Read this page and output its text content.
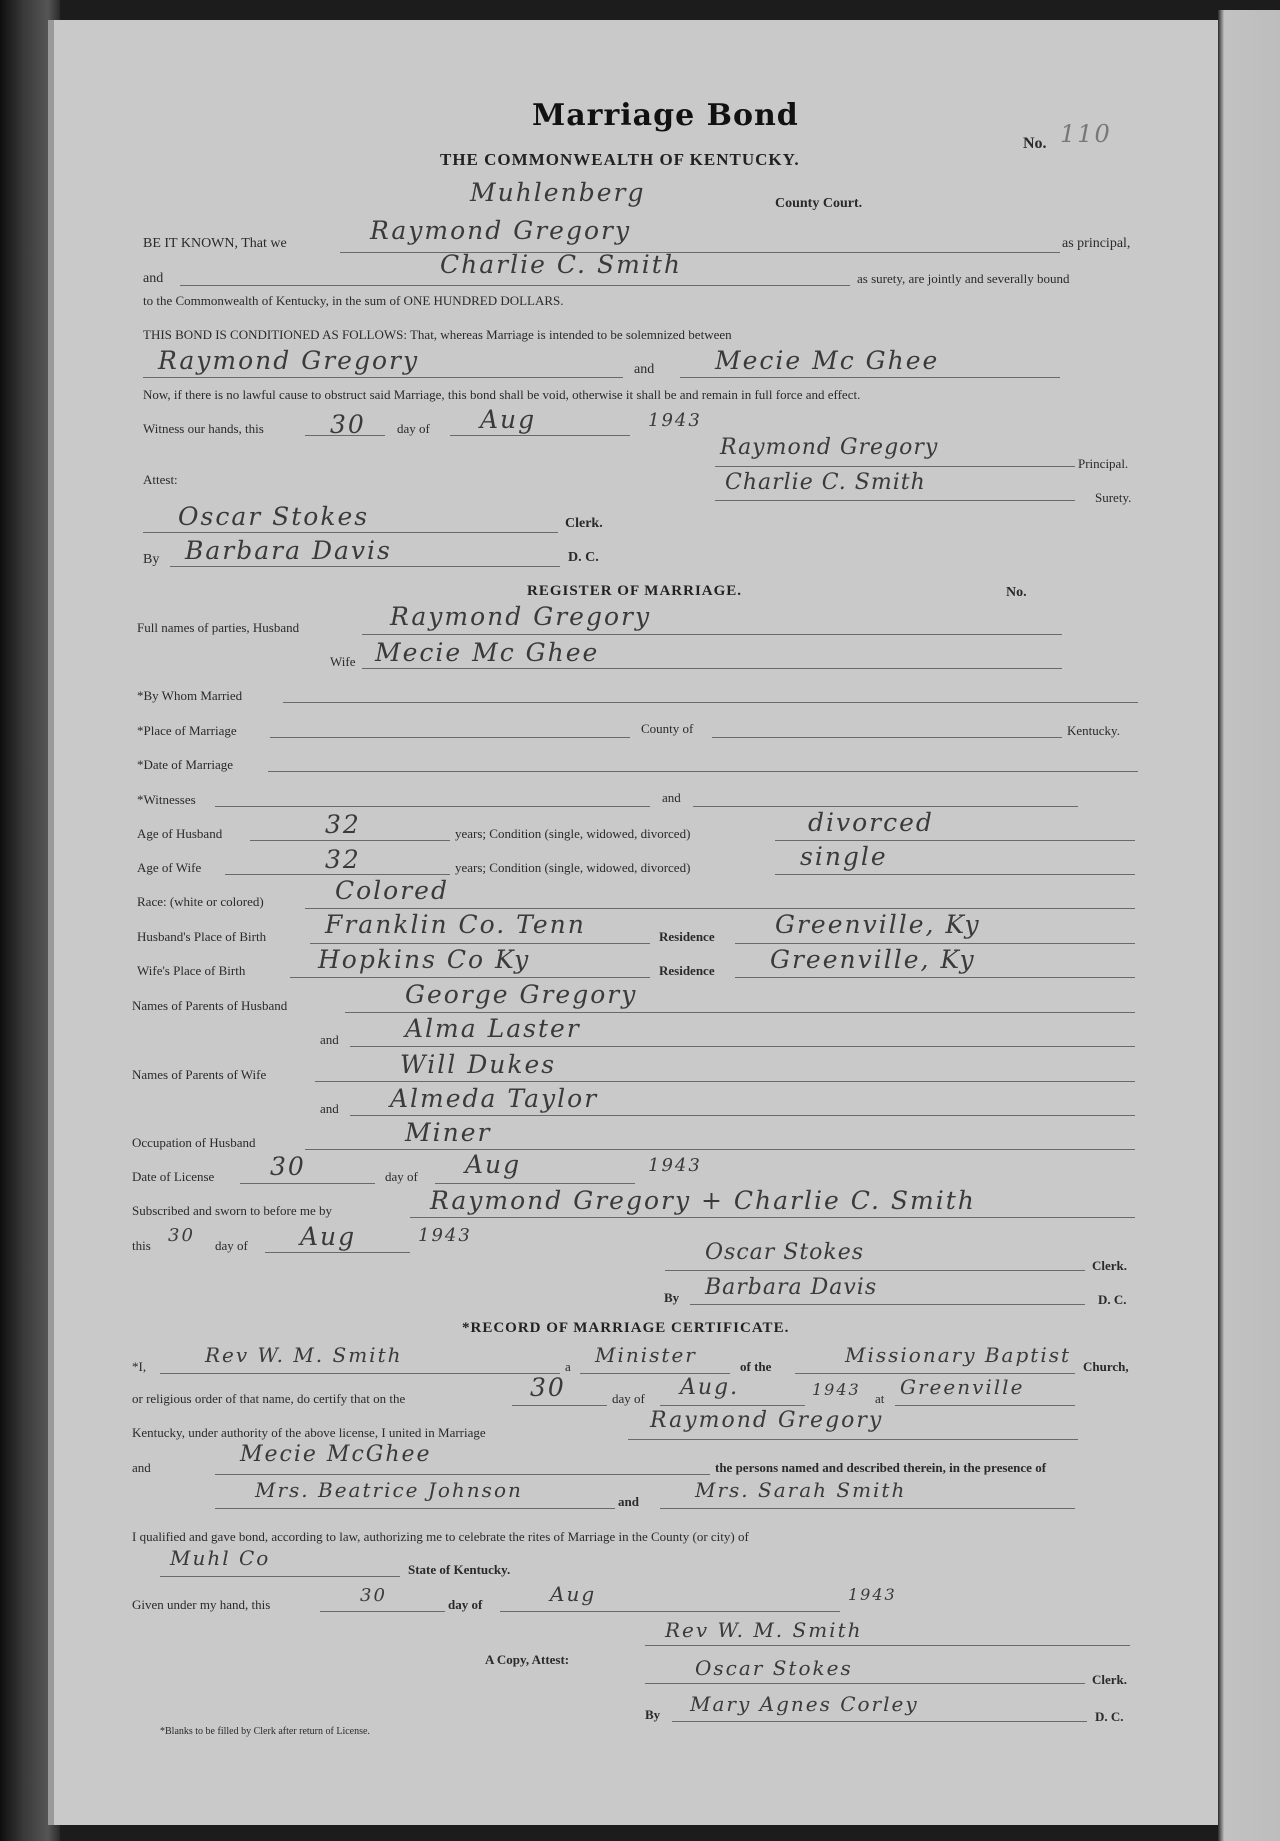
Marriage Bond
THE COMMONWEALTH OF KENTUCKY.
No. 110
Muhlenberg	County Court.
BE IT KNOWN, That we	Raymond Gregory	as principal,
and	Charlie C. Smith	as surety, are jointly and severally bound
to the Commonwealth of Kentucky, in the sum of ONE HUNDRED DOLLARS.
THIS BOND IS CONDITIONED AS FOLLOWS: That, whereas Marriage is intended to be solemnized between
Raymond Gregory	and Mecie Mc Ghee
Now, if there is no lawful cause to obstruct said Marriage, this bond shall be void, otherwise it shall be and remain in full force and effect.
Witness our hands, this	30 day of Aug	1943
Raymond Gregory
Principal.
Charlie C. Smith
Surety.
Attest:
Oscar Stokes	Clerk.
By Barbara Davis	D. C.
REGISTER OF MARRIAGE.	No.
Full names of parties, Husband	Raymond Gregory
Wife Mecie Mc Ghee
*By Whom Married
*Place of Marriage	County of	Kentucky.
*Date of Marriage
*Witnesses	and
Age of Husband	32	years; Condition (single, widowed, divorced)	divorced
Age of Wife	32	years; Condition (single, widowed, divorced)	single
Race: (white or colored)	Colored
Husband's Place of Birth Franklin Co. Tenn	Residence Greenville, Ky
Wife's Place of Birth	Hopkins Co Ky	Residence Greenville, Ky
Names of Parents of Husband	George Gregory
and	Alma Laster
Names of Parents of Wife	Will Dukes
and Almeda Taylor
Occupation of Husband	Miner
Date of License 30	day of Aug	1943
Subscribed and sworn to before me by	Raymond Gregory + Charlie C. Smith
this 30 day of Aug	1943
Oscar Stokes
Clerk.
By Barbara Davis	D. C.
*RECORD OF MARRIAGE CERTIFICATE.
*I,	Rev W. M. Smith	a Minister	of the	Missionary Baptist Church,
or religious order of that name, do certify that on the	30	day of Aug.	1943 at Greenville
Kentucky, under authority of the above license, I united in Marriage	Raymond Gregory
and
Mecie McGhee
the persons named and described therein, in the presence of
Mrs. Beatrice Johnson	and	Mrs. Sarah Smith
I qualified and gave bond, according to law, authorizing me to celebrate the rites of Marriage in the County (or city) of
Muhl Co	State of Kentucky.
Given under my hand, this	30	day of	Aug	1943
Rev W. M. Smith
A Copy, Attest:	Oscar Stokes	Clerk.
By Mary Agnes Corley
D. C.
*Blanks to be filled by Clerk after return of License.
